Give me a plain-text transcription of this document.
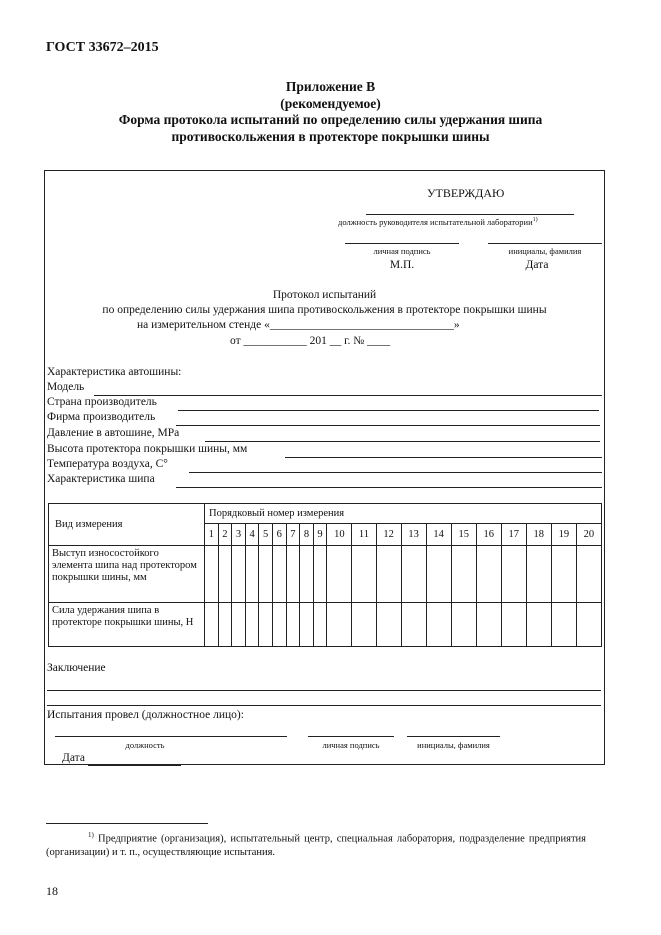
ГОСТ 33672–2015
Приложение В
(рекомендуемое)
Форма протокола испытаний по определению силы удержания шипа
противоскольжения в протекторе покрышки шины
УТВЕРЖДАЮ
должность руководителя испытательной лаборатории$^{1)}$
личная подпись	инициалы, фамилия
М.П.	Дата
Протокол испытаний
по определению силы удержания шипа противоскольжения в протекторе покрышки шины
на измерительном стенде «________________________________»
от ___________ 201 __ г. № ____
Характеристика автошины:
Модель
Страна производитель
Фирма производитель
Давление в автошине, МРа
Высота протектора покрышки шины, мм
Температура воздуха, С°
Характеристика шипа
Вид измерения	Порядковый номер измерения																			
	1	2	3	4	5	6	7	8	9	10	11	12	13	14	15	16	17	18	19	20
Выступ износостойкого элемента шипа над протектором покрышки шины, мм																				
Сила удержания шипа в протекторе покрышки шины, Н																				
Заключение
Испытания провел (должностное лицо):
должность	личная подпись	инициалы, фамилия
Дата
$^{1)}$ Предприятие (организация), испытательный центр, специальная лаборатория, подразделение предприятия (организации) и т. п., осуществляющие испытания.
18
